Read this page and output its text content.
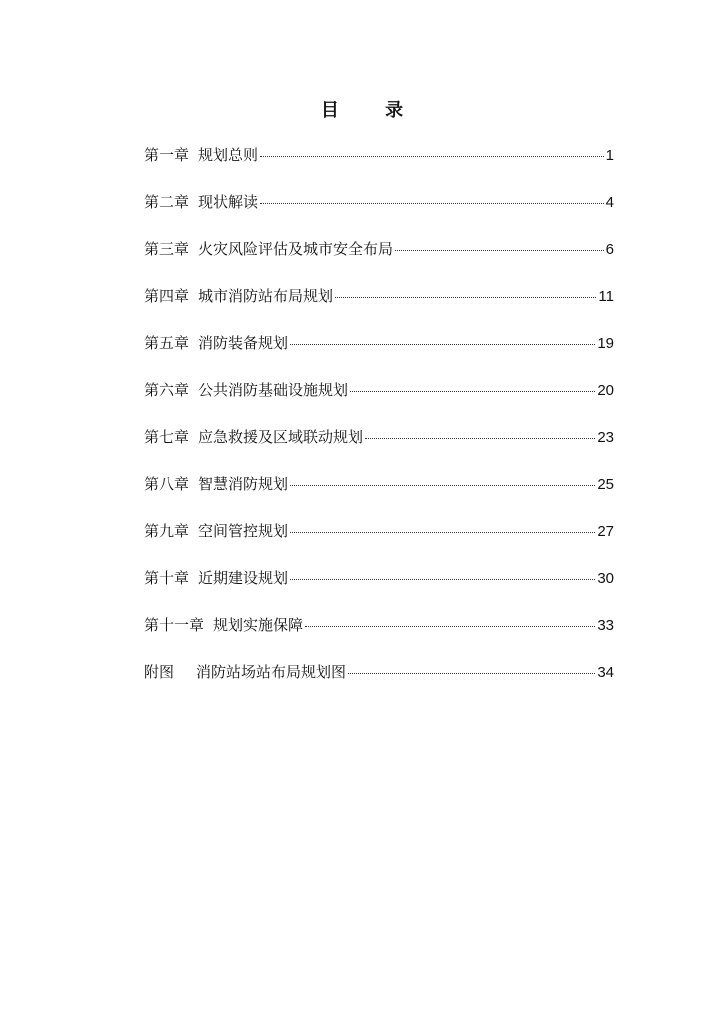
目 录
第一章 规划总则	1
第二章 现状解读	4
第三章 火灾风险评估及城市安全布局	6
第四章 城市消防站布局规划	11
第五章 消防装备规划	19
第六章 公共消防基础设施规划	20
第七章 应急救援及区域联动规划	23
第八章 智慧消防规划	25
第九章 空间管控规划	27
第十章 近期建设规划	30
第十一章 规划实施保障	33
附图 消防站场站布局规划图	34
